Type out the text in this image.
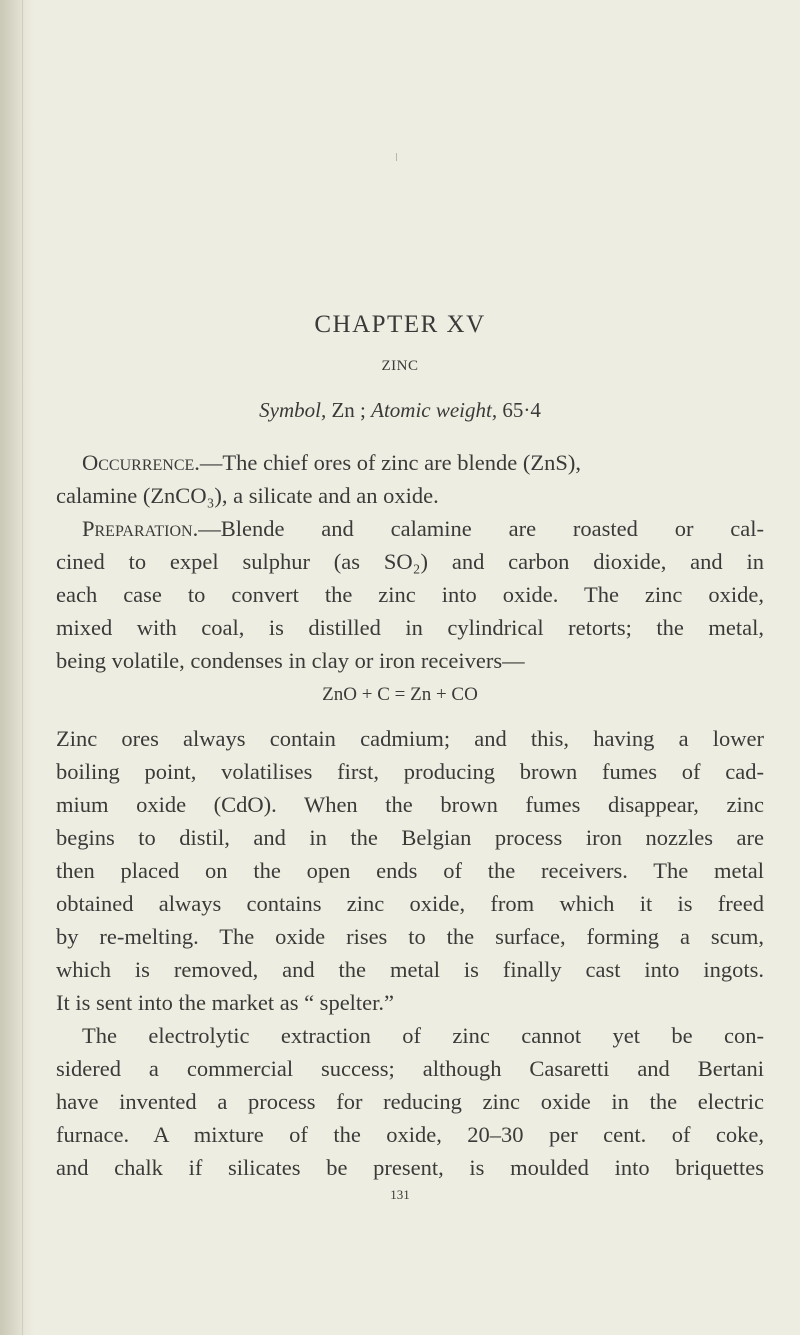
CHAPTER XV
ZINC
Symbol, Zn ; Atomic weight, 65·4
Occurrence.—The chief ores of zinc are blende (ZnS),
calamine (ZnCO₃), a silicate and an oxide.
Preparation.—Blende and calamine are roasted or cal-
cined to expel sulphur (as SO₂) and carbon dioxide, and in
each case to convert the zinc into oxide. The zinc oxide,
mixed with coal, is distilled in cylindrical retorts; the metal,
being volatile, condenses in clay or iron receivers—
ZnO + C = Zn + CO
Zinc ores always contain cadmium; and this, having a lower
boiling point, volatilises first, producing brown fumes of cad-
mium oxide (CdO). When the brown fumes disappear, zinc
begins to distil, and in the Belgian process iron nozzles are
then placed on the open ends of the receivers. The metal
obtained always contains zinc oxide, from which it is freed
by re-melting. The oxide rises to the surface, forming a scum,
which is removed, and the metal is finally cast into ingots.
It is sent into the market as “ spelter.”
The electrolytic extraction of zinc cannot yet be con-
sidered a commercial success; although Casaretti and Bertani
have invented a process for reducing zinc oxide in the electric
furnace. A mixture of the oxide, 20–30 per cent. of coke,
and chalk if silicates be present, is moulded into briquettes
131
